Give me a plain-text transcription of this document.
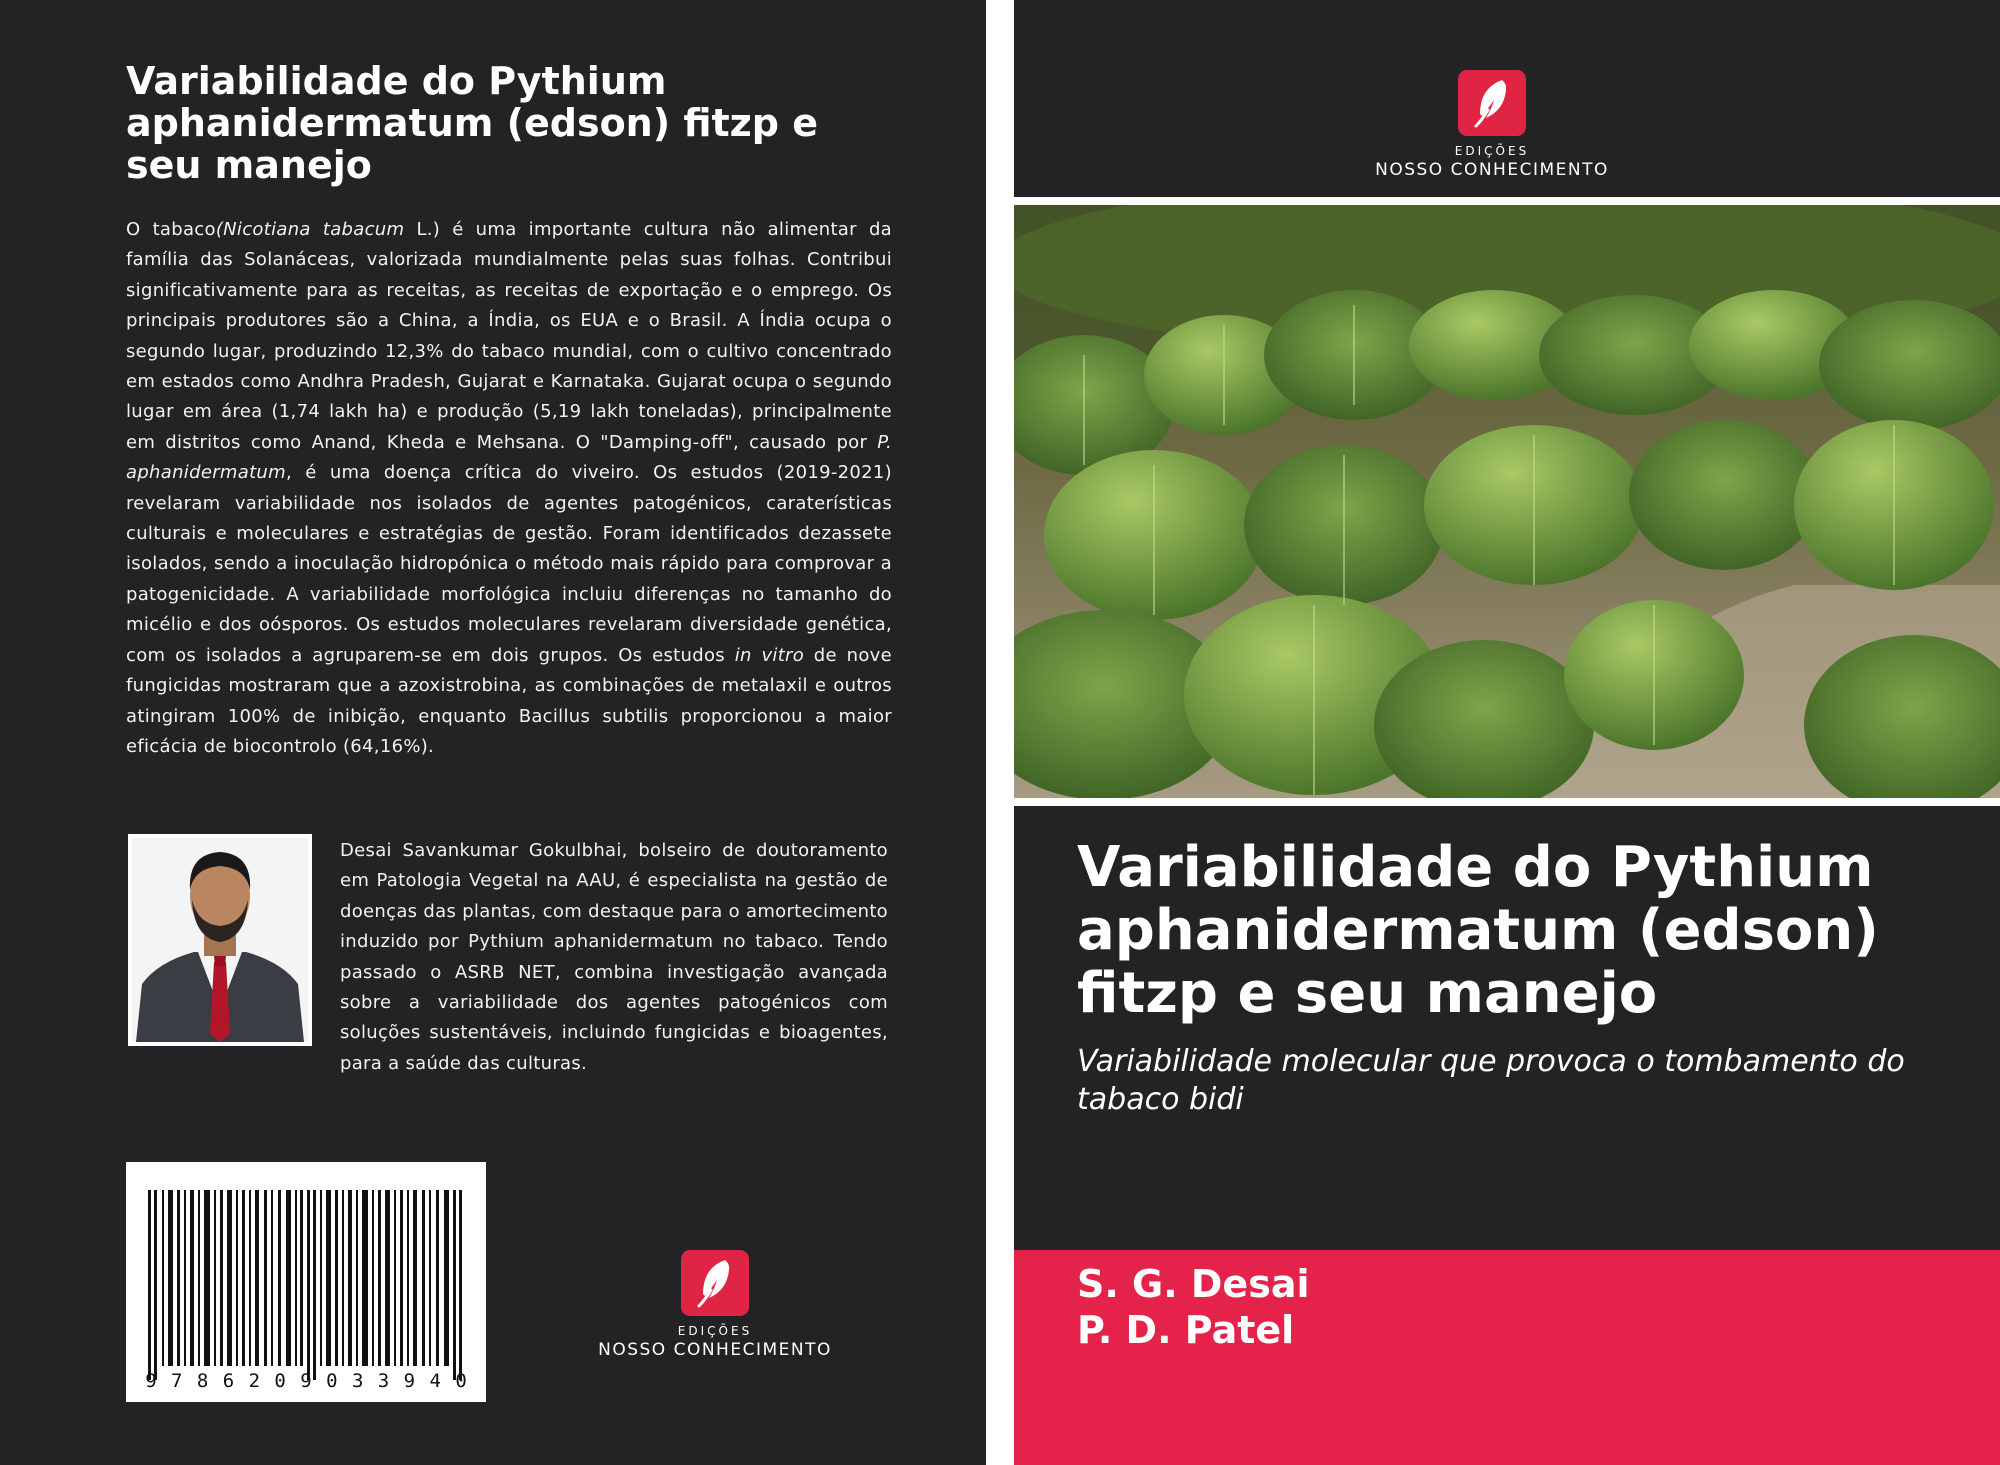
Variabilidade do Pythium aphanidermatum (edson) fitzp e seu manejo

O tabaco(Nicotiana tabacum L.) é uma importante cultura não alimentar da família das Solanáceas, valorizada mundialmente pelas suas folhas. Contribui significativamente para as receitas, as receitas de exportação e o emprego. Os principais produtores são a China, a Índia, os EUA e o Brasil. A Índia ocupa o segundo lugar, produzindo 12,3% do tabaco mundial, com o cultivo concentrado em estados como Andhra Pradesh, Gujarat e Karnataka. Gujarat ocupa o segundo lugar em área (1,74 lakh ha) e produção (5,19 lakh toneladas), principalmente em distritos como Anand, Kheda e Mehsana. O "Damping-off", causado por P. aphanidermatum, é uma doença crítica do viveiro. Os estudos (2019-2021) revelaram variabilidade nos isolados de agentes patogénicos, caraterísticas culturais e moleculares e estratégias de gestão. Foram identificados dezassete isolados, sendo a inoculação hidropónica o método mais rápido para comprovar a patogenicidade. A variabilidade morfológica incluiu diferenças no tamanho do micélio e dos oósporos. Os estudos moleculares revelaram diversidade genética, com os isolados a agruparem-se em dois grupos. Os estudos in vitro de nove fungicidas mostraram que a azoxistrobina, as combinações de metalaxil e outros atingiram 100% de inibição, enquanto Bacillus subtilis proporcionou a maior eficácia de biocontrolo (64,16%).

Desai Savankumar Gokulbhai, bolseiro de doutoramento em Patologia Vegetal na AAU, é especialista na gestão de doenças das plantas, com destaque para o amortecimento induzido por Pythium aphanidermatum no tabaco. Tendo passado o ASRB NET, combina investigação avançada sobre a variabilidade dos agentes patogénicos com soluções sustentáveis, incluindo fungicidas e bioagentes, para a saúde das culturas.

9 7 8 6 2 0 9 0 3 3 9 4 0
EDIÇÕES
NOSSO CONHECIMENTO
EDIÇÕES
NOSSO CONHECIMENTO
Variabilidade do Pythium aphanidermatum (edson) fitzp e seu manejo

Variabilidade molecular que provoca o tombamento do tabaco bidi

S. G. Desai
P. D. Patel
